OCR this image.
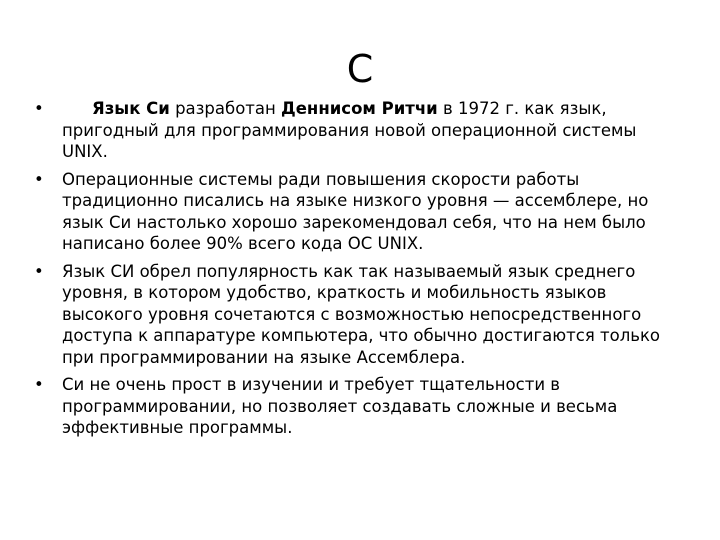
С
•	Язык Си разработан Деннисом Ритчи в 1972 г. как язык, пригодный для программирования новой операционной системы UNIX.
•	Операционные системы ради повышения скорости работы традиционно писались на языке низкого уровня — ассемблере, но язык Си настолько хорошо зарекомендовал себя, что на нем было написано более 90% всего кода ОС UNIX.
•	Язык СИ обрел популярность как так называемый язык среднего уровня, в котором удобство, краткость и мобильность языков высокого уровня сочетаются с возможностью непосредственного доступа к аппаратуре компьютера, что обычно достигаются только при программировании на языке Ассемблера.
•	Си не очень прост в изучении и требует тщательности в программировании, но позволяет создавать сложные и весьма эффективные программы.
